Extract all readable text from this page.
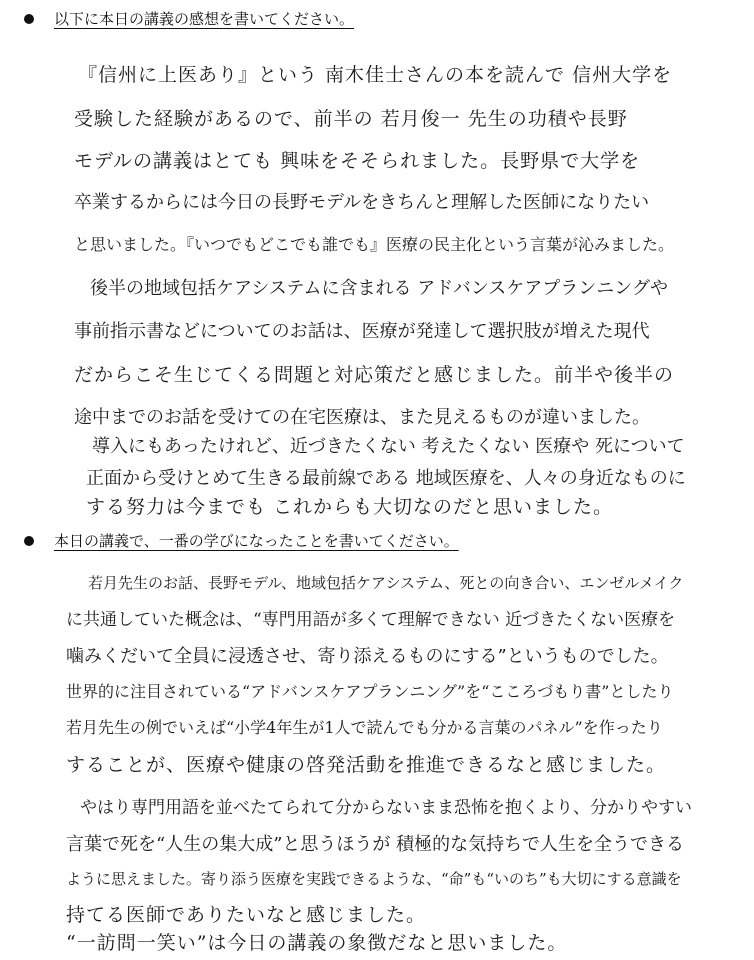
以下に本日の講義の感想を書いてください。
『信州に上医あり』という 南木佳士さんの本を読んで 信州大学を
受験した経験があるので、前半の 若月俊一 先生の功積や長野
モデルの講義はとても 興味をそそられました。長野県で大学を
卒業するからには今日の長野モデルをきちんと理解した医師になりたい
と思いました。『いつでもどこでも誰でも』医療の民主化という言葉が沁みました。
後半の地域包括ケアシステムに含まれる アドバンスケアプランニングや
事前指示書などについてのお話は、医療が発達して選択肢が増えた現代
だからこそ生じてくる問題と対応策だと感じました。前半や後半の
途中までのお話を受けての在宅医療は、また見えるものが違いました。
導入にもあったけれど、近づきたくない 考えたくない 医療や 死について
正面から受けとめて生きる最前線である 地域医療を、人々の身近なものに
する努力は今までも これからも大切なのだと思いました。
本日の講義で、一番の学びになったことを書いてください。
若月先生のお話、長野モデル、地域包括ケアシステム、死との向き合い、エンゼルメイク
に共通していた概念は、“専門用語が多くて理解できない 近づきたくない医療を
噛みくだいて全員に浸透させ、寄り添えるものにする”というものでした。
世界的に注目されている“アドバンスケアプランニング”を“こころづもり書”としたり
若月先生の例でいえば“小学4年生が1人で読んでも分かる言葉のパネル”を作ったり
することが、医療や健康の啓発活動を推進できるなと感じました。
やはり専門用語を並べたてられて分からないまま恐怖を抱くより、分かりやすい
言葉で死を“人生の集大成”と思うほうが 積極的な気持ちで人生を全うできる
ように思えました。寄り添う医療を実践できるような、“命”も“いのち”も大切にする意識を
持てる医師でありたいなと感じました。
“一訪問一笑い”は今日の講義の象徴だなと思いました。
